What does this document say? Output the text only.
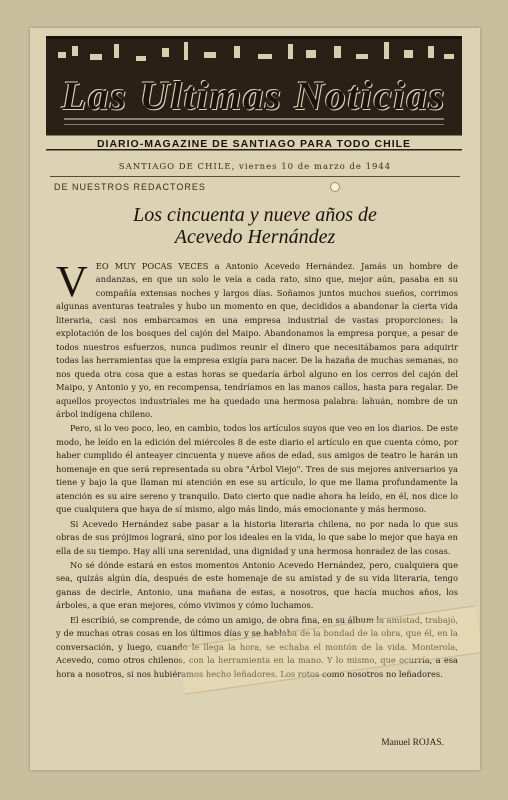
Las Ultimas Noticias
DIARIO-MAGAZINE DE SANTIAGO PARA TODO CHILE
SANTIAGO DE CHILE, viernes 10 de marzo de 1944
DE NUESTROS REDACTORES
Los cincuenta y nueve años de
Acevedo Hernández
V EO MUY POCAS VECES a Antonio Acevedo Hernández. Jamás un hombre de andanzas, en que un solo le veía a cada rato, sino que, mejor aún, pasaba en su compañía extensas noches y largos días. Soñamos juntos muchos sueños, corrimos algunas aventuras teatrales y hubo un momento en que, decididos a abandonar la cierta vida literaria, casi nos embarcamos en una empresa industrial de vastas proporciones: la explotación de los bosques del cajón del Maipo. Abandonamos la empresa porque, a pesar de todos nuestros esfuerzos, nunca pudimos reunir el dinero que necesitábamos para adquirir todas las herramientas que la empresa exigía para nacer. De la hazaña de muchas semanas, no nos queda otra cosa que a estas horas se quedaría árbol alguno en los cerros del cajón del Maipo, y Antonio y yo, en recompensa, tendríamos en las manos callos, hasta para regalar. De aquellos proyectos industriales me ha quedado una hermosa palabra: lahuán, nombre de un árbol indígena chileno.

Pero, si lo veo poco, leo, en cambio, todos los artículos suyos que veo en los diarios. De este modo, he leído en la edición del miércoles 8 de este diario el artículo en que cuenta cómo, por haber cumplido él anteayer cincuenta y nueve años de edad, sus amigos de teatro le harán un homenaje en que será representada su obra "Árbol Viejo". Tres de sus mejores aniversarios ya tiene y bajo la que llaman mi atención en ese su artículo, lo que me llama profundamente la atención es su aire sereno y tranquilo. Dato cierto que nadie ahora ha leído, en él, nos dice lo que cualquiera que haya de sí mismo, algo más lindo, más emocionante y más hermoso.

Si Acevedo Hernández sabe pasar a la historia literaria chilena, no por nada lo que sus obras de sus prójimos logrará, sino por los ideales en la vida, lo que sabe lo mejor que haya en ella de su tiempo. Hay allí una serenidad, una dignidad y una hermosa honradez de las cosas.

No sé dónde estará en estos momentos Antonio Acevedo Hernández, pero, cualquiera que sea, quizás algún día, después de este homenaje de su amistad y de su vida literaria, tengo ganas de decirle, Antonio, una mañana de estas, a nosotros, que hacía muchos años, los árboles, a que eran mejores, cómo vivimos y cómo luchamos.

El escribió, se comprende, de cómo un amigo, de obra fina, en su álbum la amistad, trabajó, y de muchas otras cosas en los últimos días y se hablaba de la bondad de la obra, que él, en la conversación, y luego, cuando le llega la hora, se echaba el montón de la vida. Monterola, Acevedo, como otros chilenos, con la herramienta en la mano. Y lo mismo, que ocurría, a esa hora a nosotros, si nos hubiéramos hecho leñadores. Los rotos como nosotros no leñadores.

Manuel ROJAS.
